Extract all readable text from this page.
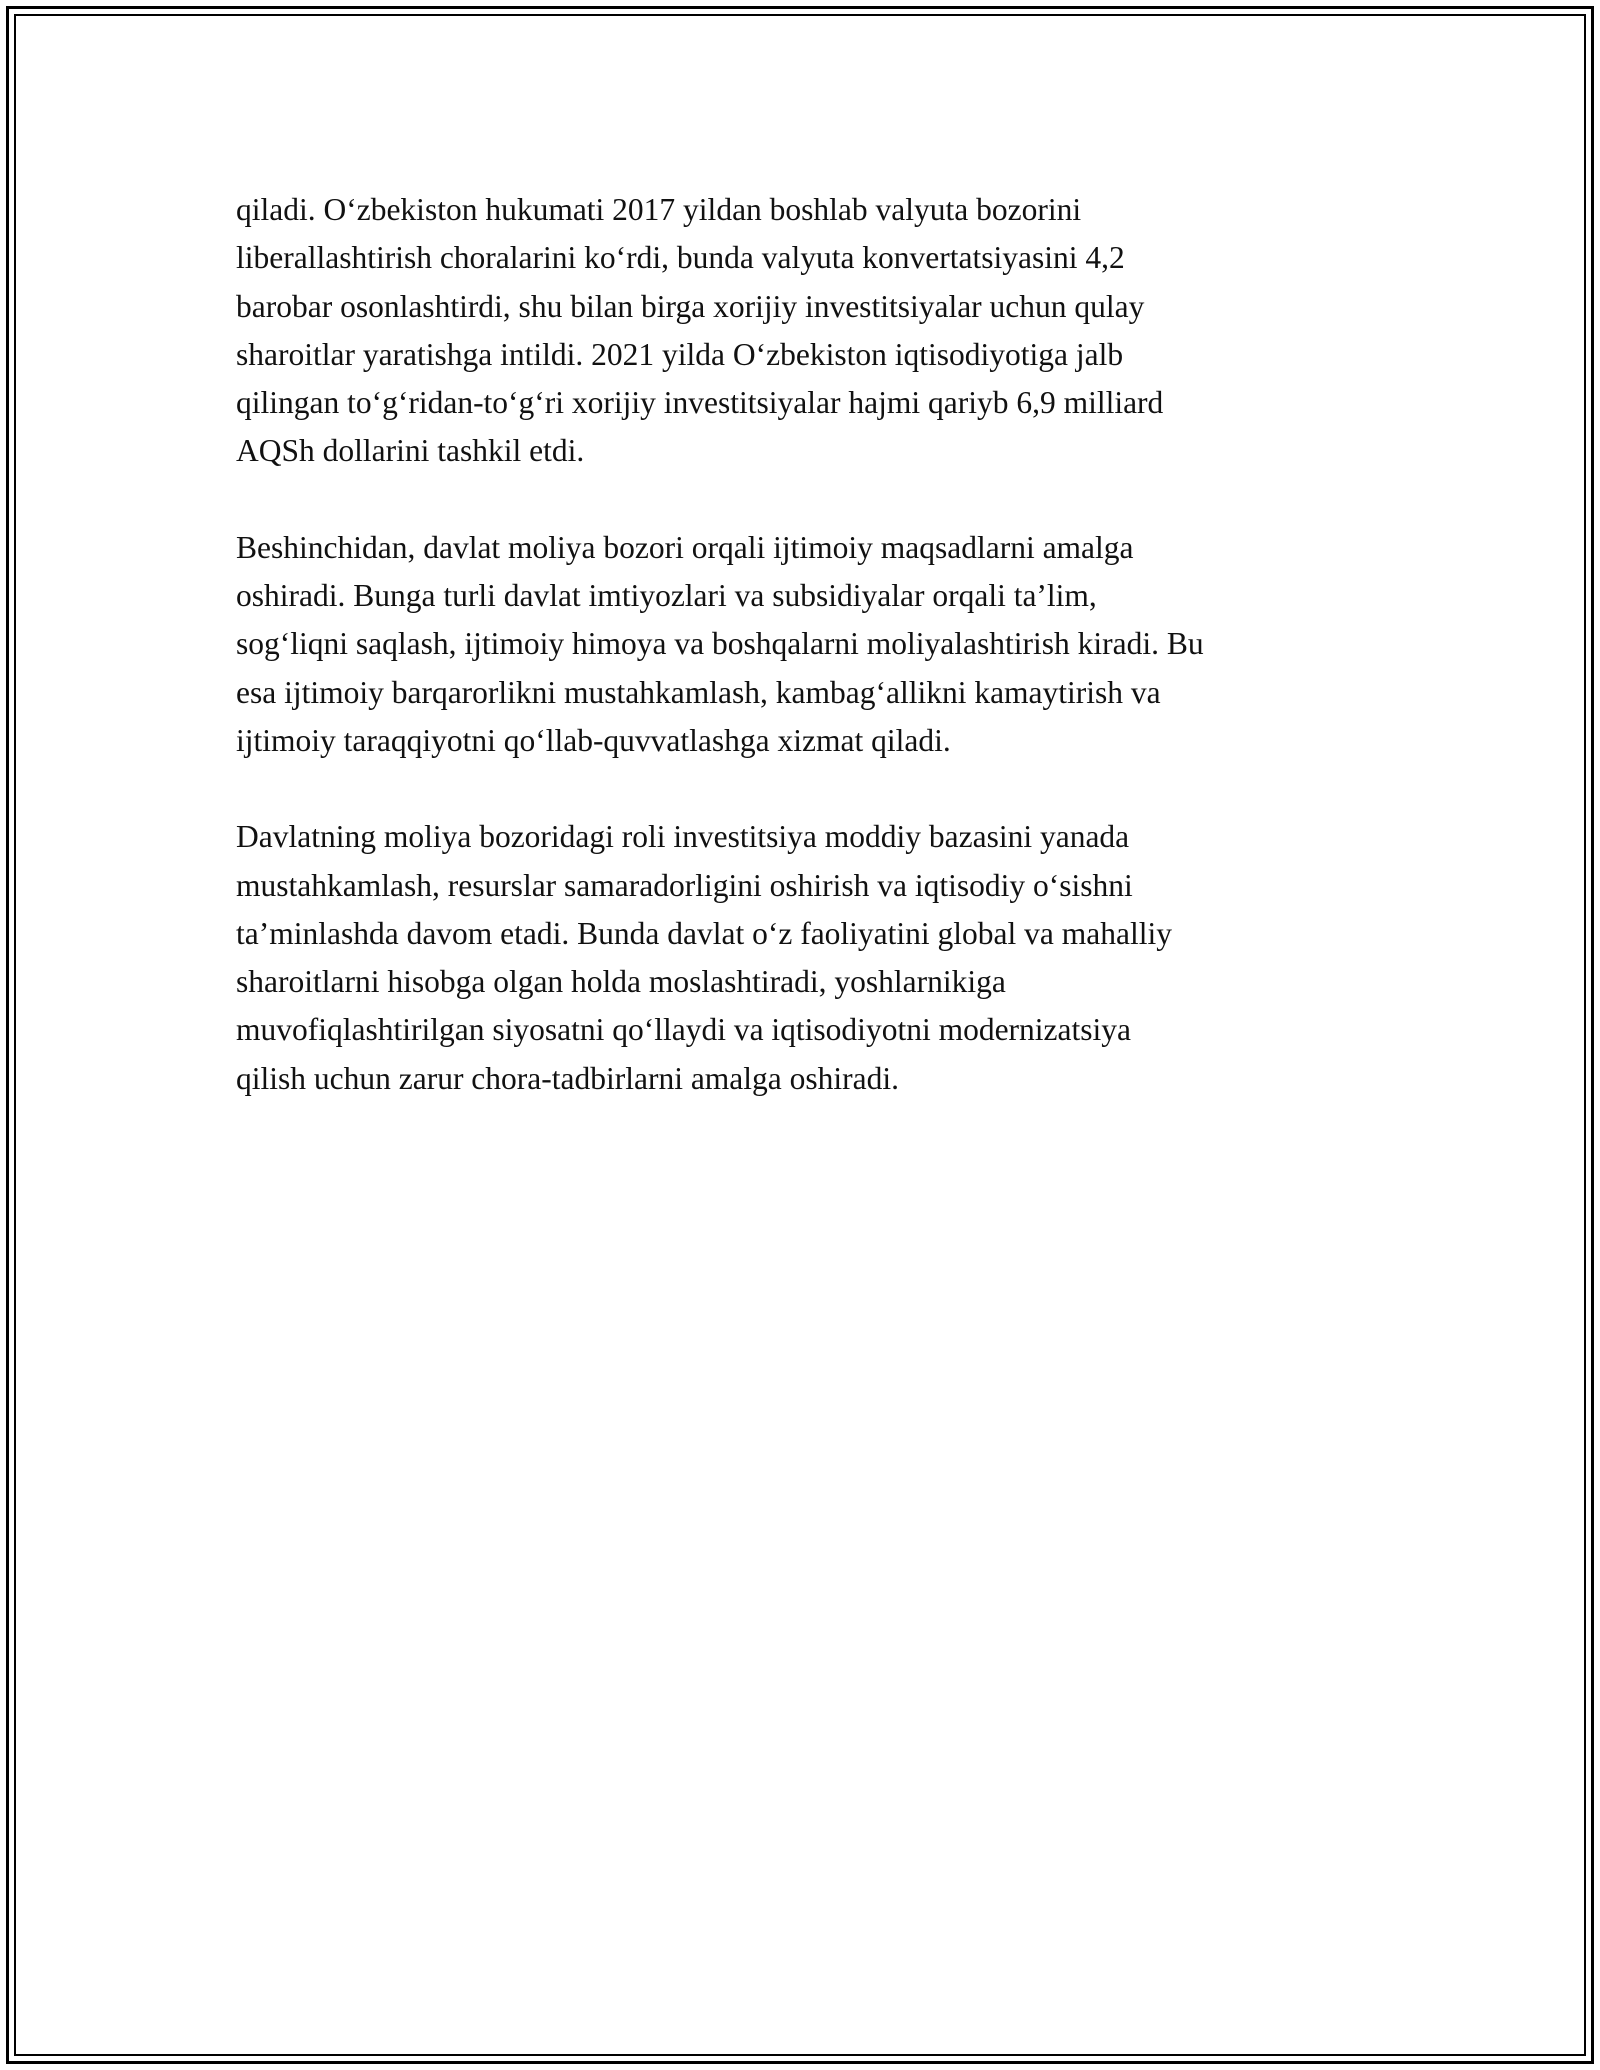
qiladi. O‘zbekiston hukumati 2017 yildan boshlab valyuta bozorini
liberallashtirish choralarini ko‘rdi, bunda valyuta konvertatsiyasini 4,2
barobar osonlashtirdi, shu bilan birga xorijiy investitsiyalar uchun qulay
sharoitlar yaratishga intildi. 2021 yilda O‘zbekiston iqtisodiyotiga jalb
qilingan to‘g‘ridan-to‘g‘ri xorijiy investitsiyalar hajmi qariyb 6,9 milliard
AQSh dollarini tashkil etdi.

Beshinchidan, davlat moliya bozori orqali ijtimoiy maqsadlarni amalga
oshiradi. Bunga turli davlat imtiyozlari va subsidiyalar orqali ta’lim,
sog‘liqni saqlash, ijtimoiy himoya va boshqalarni moliyalashtirish kiradi. Bu
esa ijtimoiy barqarorlikni mustahkamlash, kambag‘allikni kamaytirish va
ijtimoiy taraqqiyotni qo‘llab-quvvatlashga xizmat qiladi.

Davlatning moliya bozoridagi roli investitsiya moddiy bazasini yanada
mustahkamlash, resurslar samaradorligini oshirish va iqtisodiy o‘sishni
ta’minlashda davom etadi. Bunda davlat o‘z faoliyatini global va mahalliy
sharoitlarni hisobga olgan holda moslashtiradi, yoshlarnikiga
muvofiqlashtirilgan siyosatni qo‘llaydi va iqtisodiyotni modernizatsiya
qilish uchun zarur chora-tadbirlarni amalga oshiradi.
